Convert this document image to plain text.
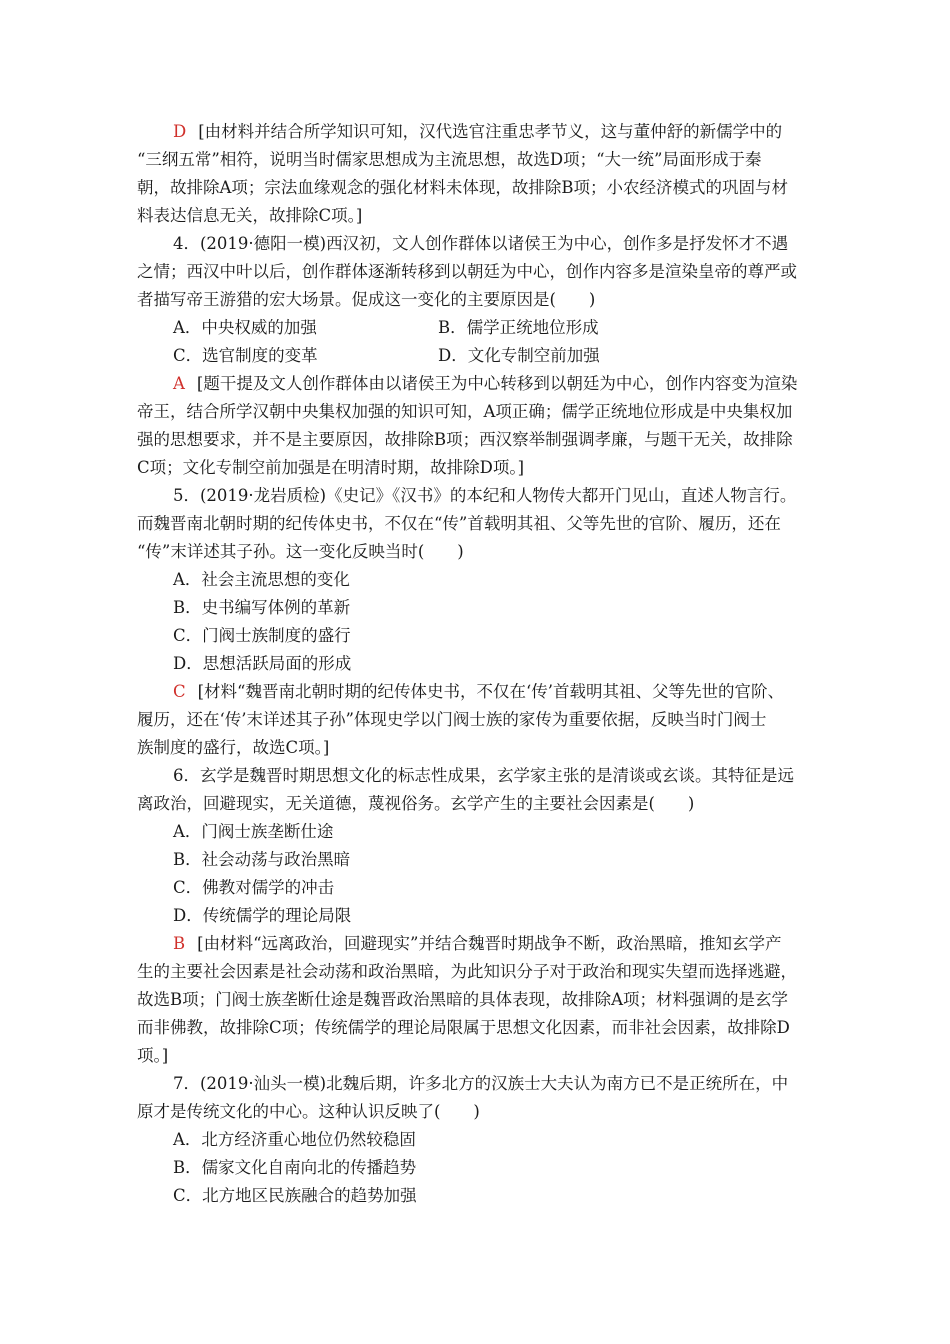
D [由材料并结合所学知识可知，汉代选官注重忠孝节义，这与董仲舒的新儒学中的
“三纲五常”相符，说明当时儒家思想成为主流思想，故选D项；“大一统”局面形成于秦
朝，故排除A项；宗法血缘观念的强化材料未体现，故排除B项；小农经济模式的巩固与材
料表达信息无关，故排除C项。]
4．(2019·德阳一模)西汉初，文人创作群体以诸侯王为中心，创作多是抒发怀才不遇
之情；西汉中叶以后，创作群体逐渐转移到以朝廷为中心，创作内容多是渲染皇帝的尊严或
者描写帝王游猎的宏大场景。促成这一变化的主要原因是(　　)
A．中央权威的加强	B．儒学正统地位形成
C．选官制度的变革	D．文化专制空前加强
A [题干提及文人创作群体由以诸侯王为中心转移到以朝廷为中心，创作内容变为渲染
帝王，结合所学汉朝中央集权加强的知识可知，A项正确；儒学正统地位形成是中央集权加
强的思想要求，并不是主要原因，故排除B项；西汉察举制强调孝廉，与题干无关，故排除
C项；文化专制空前加强是在明清时期，故排除D项。]
5．(2019·龙岩质检)《史记》《汉书》的本纪和人物传大都开门见山，直述人物言行。
而魏晋南北朝时期的纪传体史书，不仅在“传”首载明其祖、父等先世的官阶、履历，还在
“传”末详述其子孙。这一变化反映当时(　　)
A．社会主流思想的变化
B．史书编写体例的革新
C．门阀士族制度的盛行
D．思想活跃局面的形成
C [材料“魏晋南北朝时期的纪传体史书，不仅在‘传’首载明其祖、父等先世的官阶、
履历，还在‘传’末详述其子孙”体现史学以门阀士族的家传为重要依据，反映当时门阀士
族制度的盛行，故选C项。]
6．玄学是魏晋时期思想文化的标志性成果，玄学家主张的是清谈或玄谈。其特征是远
离政治，回避现实，无关道德，蔑视俗务。玄学产生的主要社会因素是(　　)
A．门阀士族垄断仕途
B．社会动荡与政治黑暗
C．佛教对儒学的冲击
D．传统儒学的理论局限
B [由材料“远离政治，回避现实”并结合魏晋时期战争不断，政治黑暗，推知玄学产
生的主要社会因素是社会动荡和政治黑暗，为此知识分子对于政治和现实失望而选择逃避，
故选B项；门阀士族垄断仕途是魏晋政治黑暗的具体表现，故排除A项；材料强调的是玄学
而非佛教，故排除C项；传统儒学的理论局限属于思想文化因素，而非社会因素，故排除D
项。]
7．(2019·汕头一模)北魏后期，许多北方的汉族士大夫认为南方已不是正统所在，中
原才是传统文化的中心。这种认识反映了(　　)
A．北方经济重心地位仍然较稳固
B．儒家文化自南向北的传播趋势
C．北方地区民族融合的趋势加强
